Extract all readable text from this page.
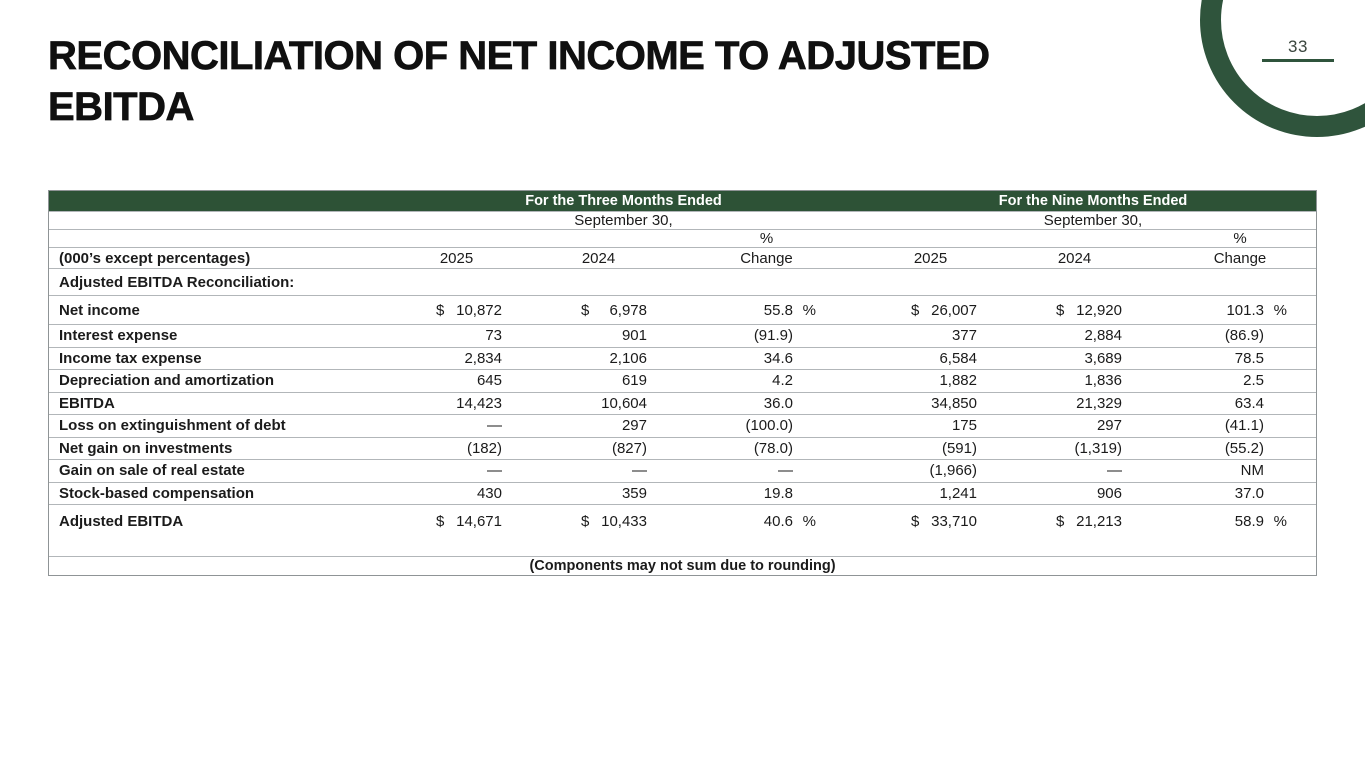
33
RECONCILIATION OF NET INCOME TO ADJUSTED
EBITDA
For the Three Months Ended	For the Nine Months Ended
September 30,	September 30,
%	%
(000’s except percentages)	2025	2024	Change	2025	2024	Change
Adjusted EBITDA Reconciliation:
Net income	$ 10,872	$ 6,978	55.8 %	$ 26,007	$ 12,920	101.3 %
Interest expense	73	901	(91.9)	377	2,884	(86.9)
Income tax expense	2,834	2,106	34.6	6,584	3,689	78.5
Depreciation and amortization	645	619	4.2	1,882	1,836	2.5
EBITDA	14,423	10,604	36.0	34,850	21,329	63.4
Loss on extinguishment of debt	—	297	(100.0)	175	297	(41.1)
Net gain on investments	(182)	(827)	(78.0)	(591)	(1,319)	(55.2)
Gain on sale of real estate	—	—	—	(1,966)	—	NM
Stock-based compensation	430	359	19.8	1,241	906	37.0
Adjusted EBITDA	$ 14,671	$ 10,433	40.6 %	$ 33,710	$ 21,213	58.9 %
(Components may not sum due to rounding)
